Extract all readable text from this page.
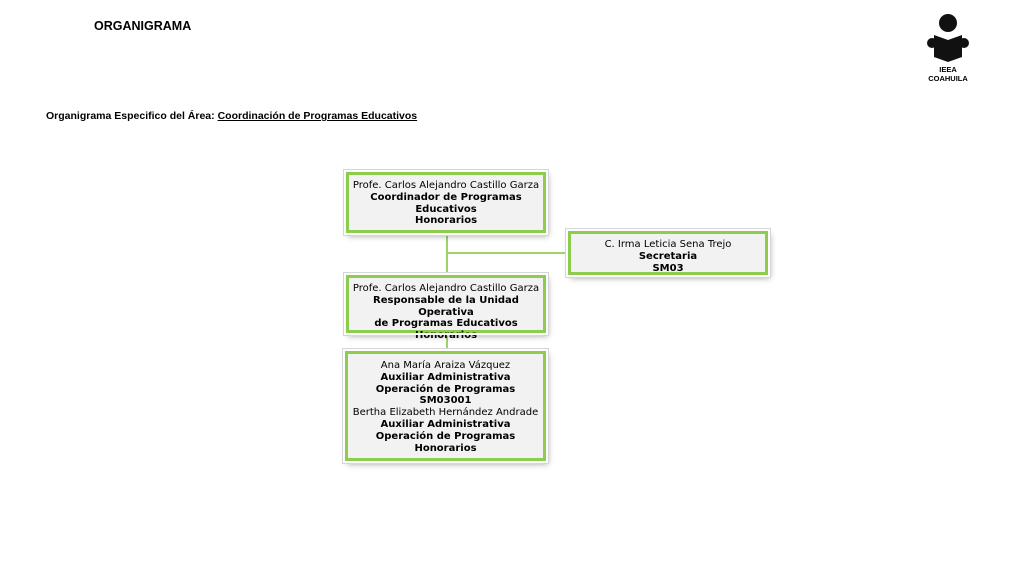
ORGANIGRAMA
IEEA
COAHUILA
Organigrama Especifico del Área: Coordinación de Programas Educativos
Profe. Carlos Alejandro Castillo Garza
Coordinador de Programas
Educativos
Honorarios
C. Irma Leticia Sena Trejo
Secretaria
SM03
Profe. Carlos Alejandro Castillo Garza
Responsable de la Unidad Operativa
de Programas Educativos
Honorarios
Ana María Araiza Vázquez
Auxiliar Administrativa
Operación de Programas
SM03001
Bertha Elizabeth Hernández Andrade
Auxiliar Administrativa
Operación de Programas
Honorarios
